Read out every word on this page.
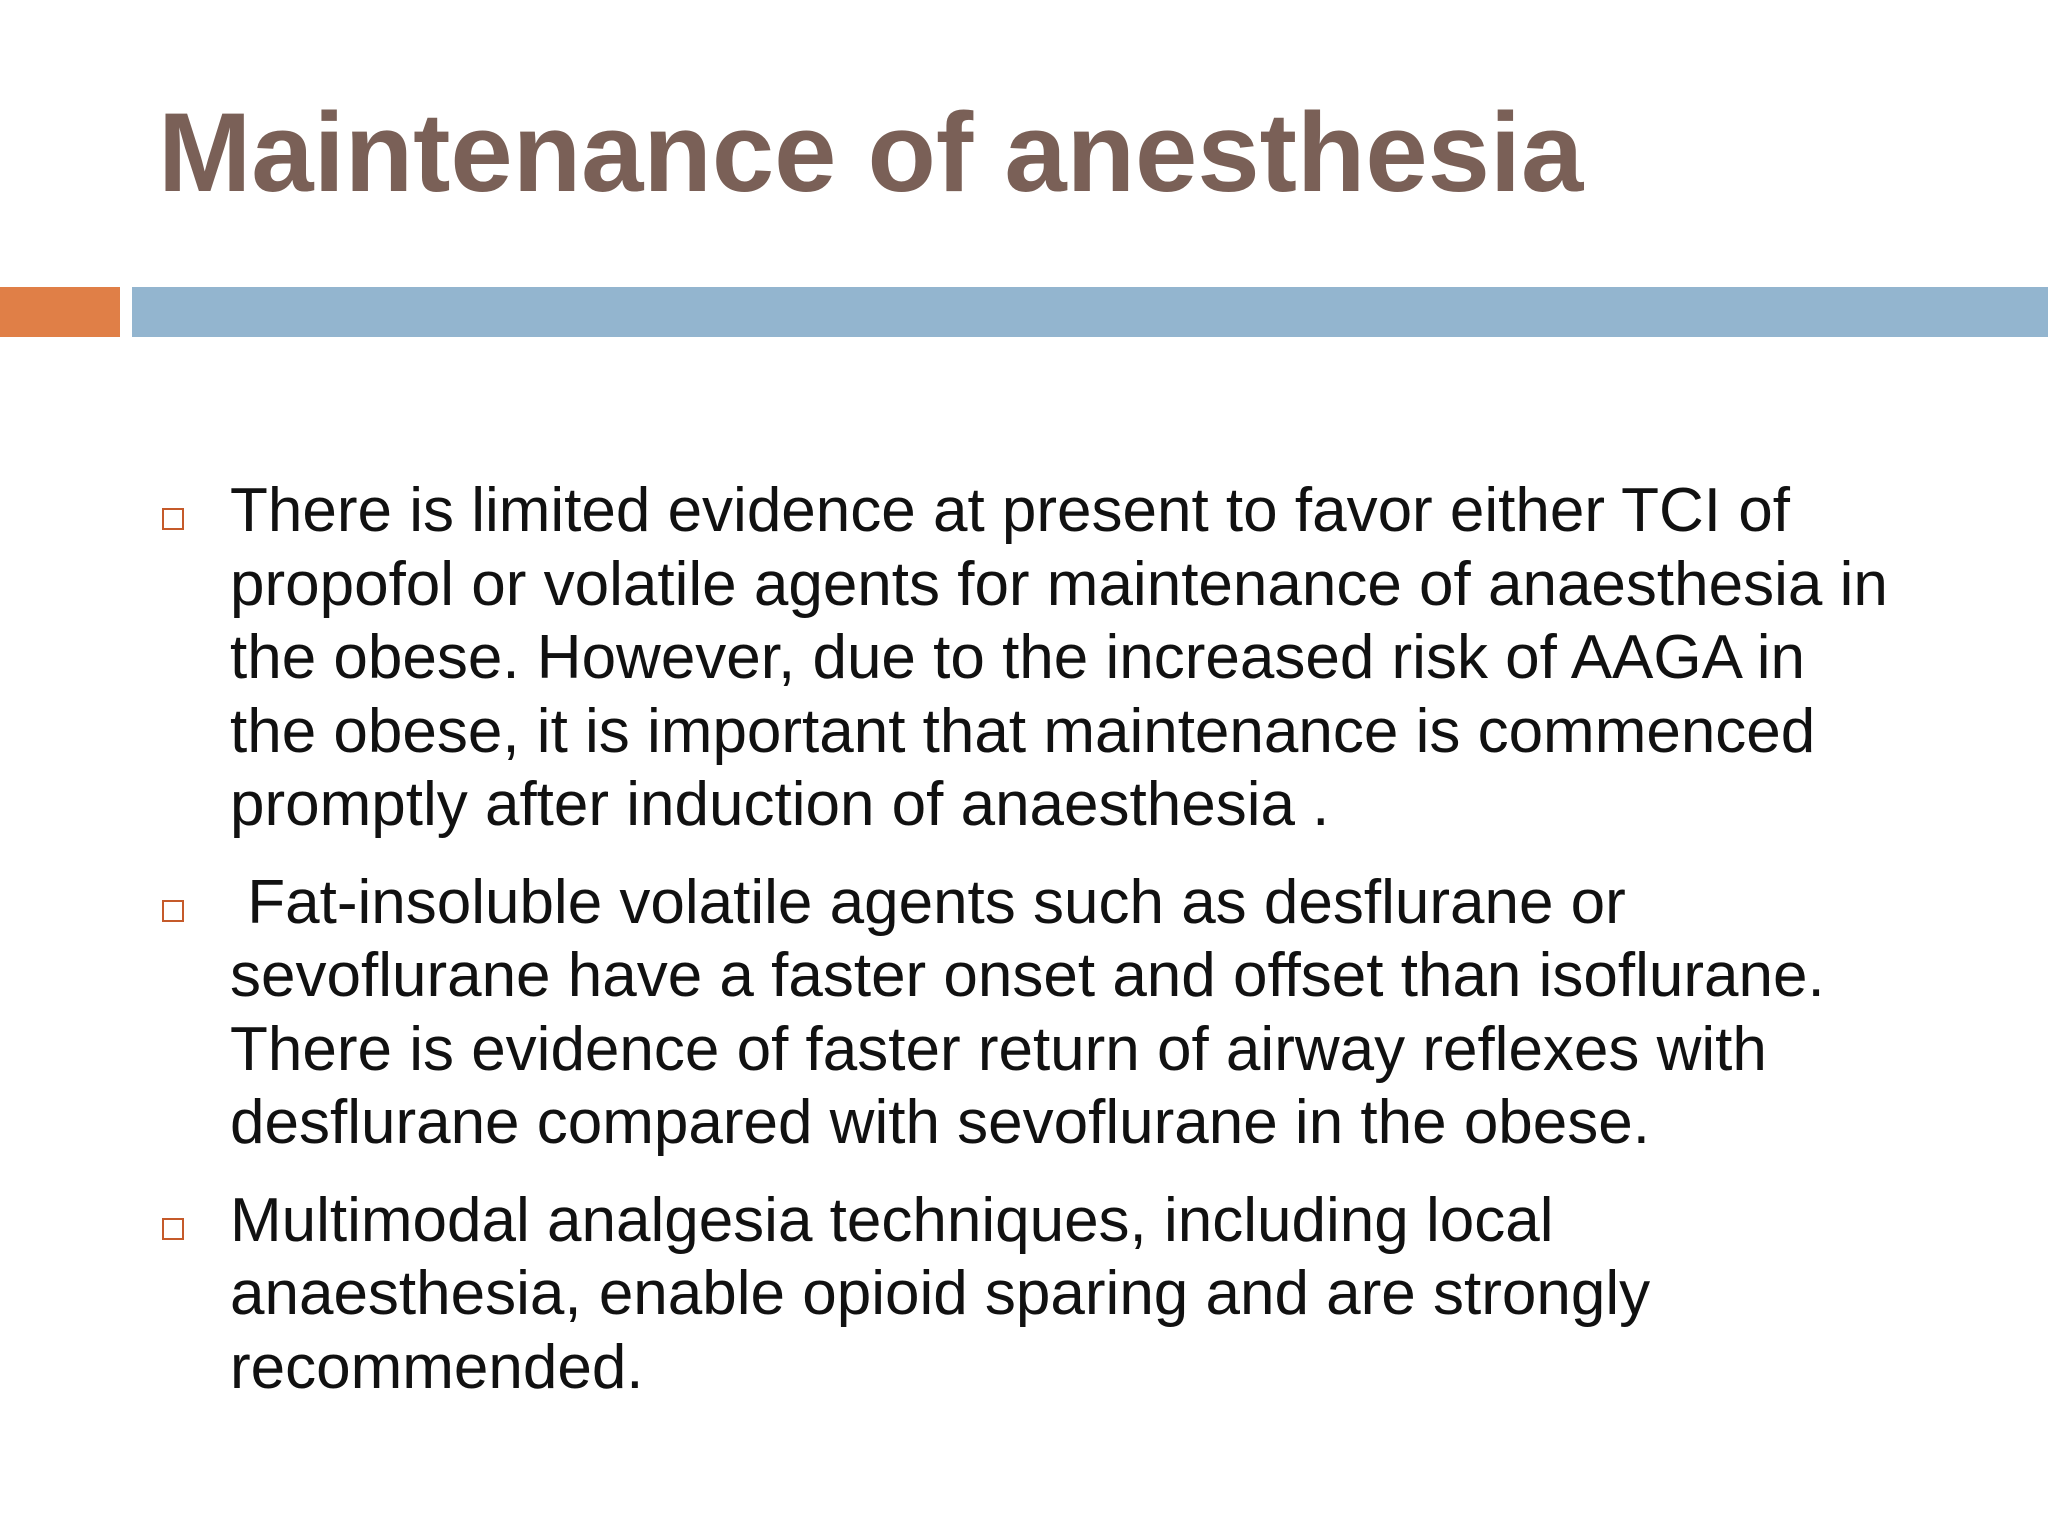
Maintenance of anesthesia
There is limited evidence at present to favor either TCI of propofol or volatile agents for maintenance of anaesthesia in the obese. However, due to the increased risk of AAGA in the obese, it is important that maintenance is commenced promptly after induction of anaesthesia .
Fat-insoluble volatile agents such as desflurane or sevoflurane have a faster onset and offset than isoflurane. There is evidence of faster return of airway reflexes with desflurane compared with sevoflurane in the obese.
Multimodal analgesia techniques, including local anaesthesia, enable opioid sparing and are strongly recommended.
